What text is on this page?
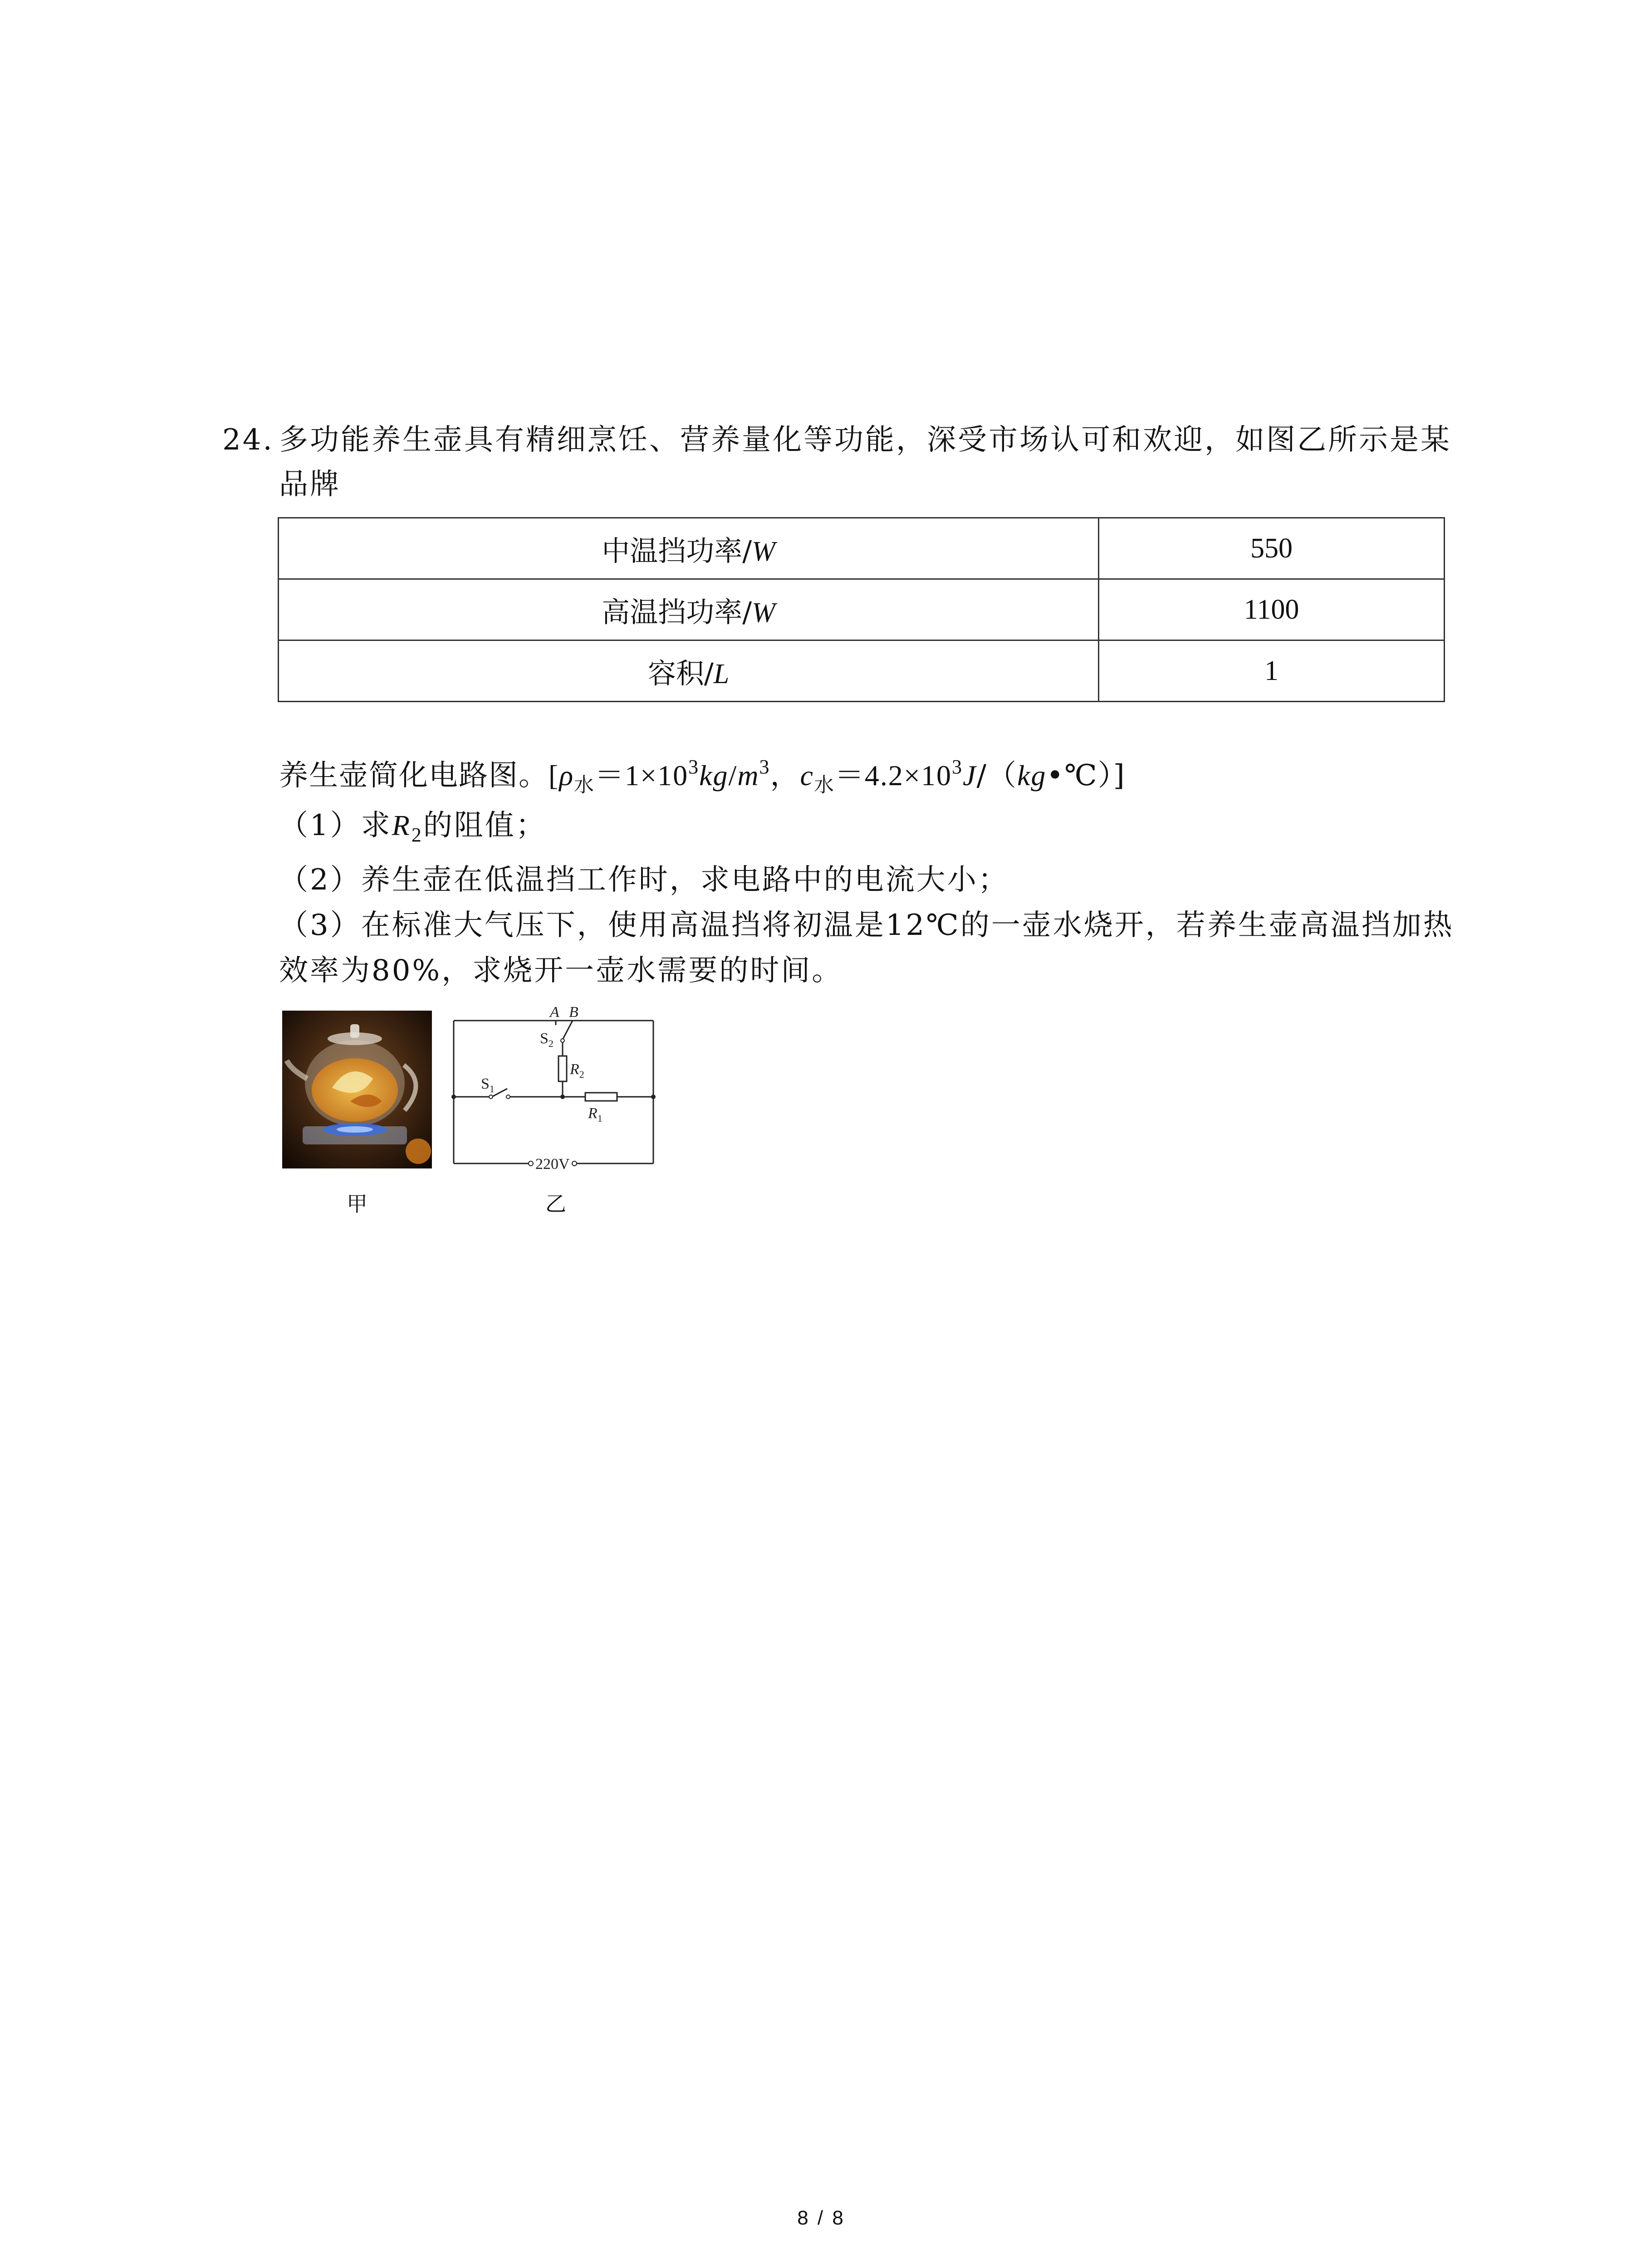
24. 多功能养生壶具有精细烹饪、营养量化等功能，深受市场认可和欢迎，如图乙所示是某
品牌
中温挡功率/W	550
高温挡功率/W	1100
容积/L	1
养生壶简化电路图。[$\rho_水=1\times 10^3kg/m^3$，$c_水=4.2\times 10^3J/(kg•℃)$]
（1）求$R_2$的阻值；
（2）养生壶在低温挡工作时，求电路中的电流大小；
（3）在标准大气压下，使用高温挡将初温是12℃的一壶水烧开，若养生壶高温挡加热
效率为80%，求烧开一壶水需要的时间。
甲
A B
$S_2$
$S_1$
$R_2$
$R_1$
220V
乙
8 / 8
